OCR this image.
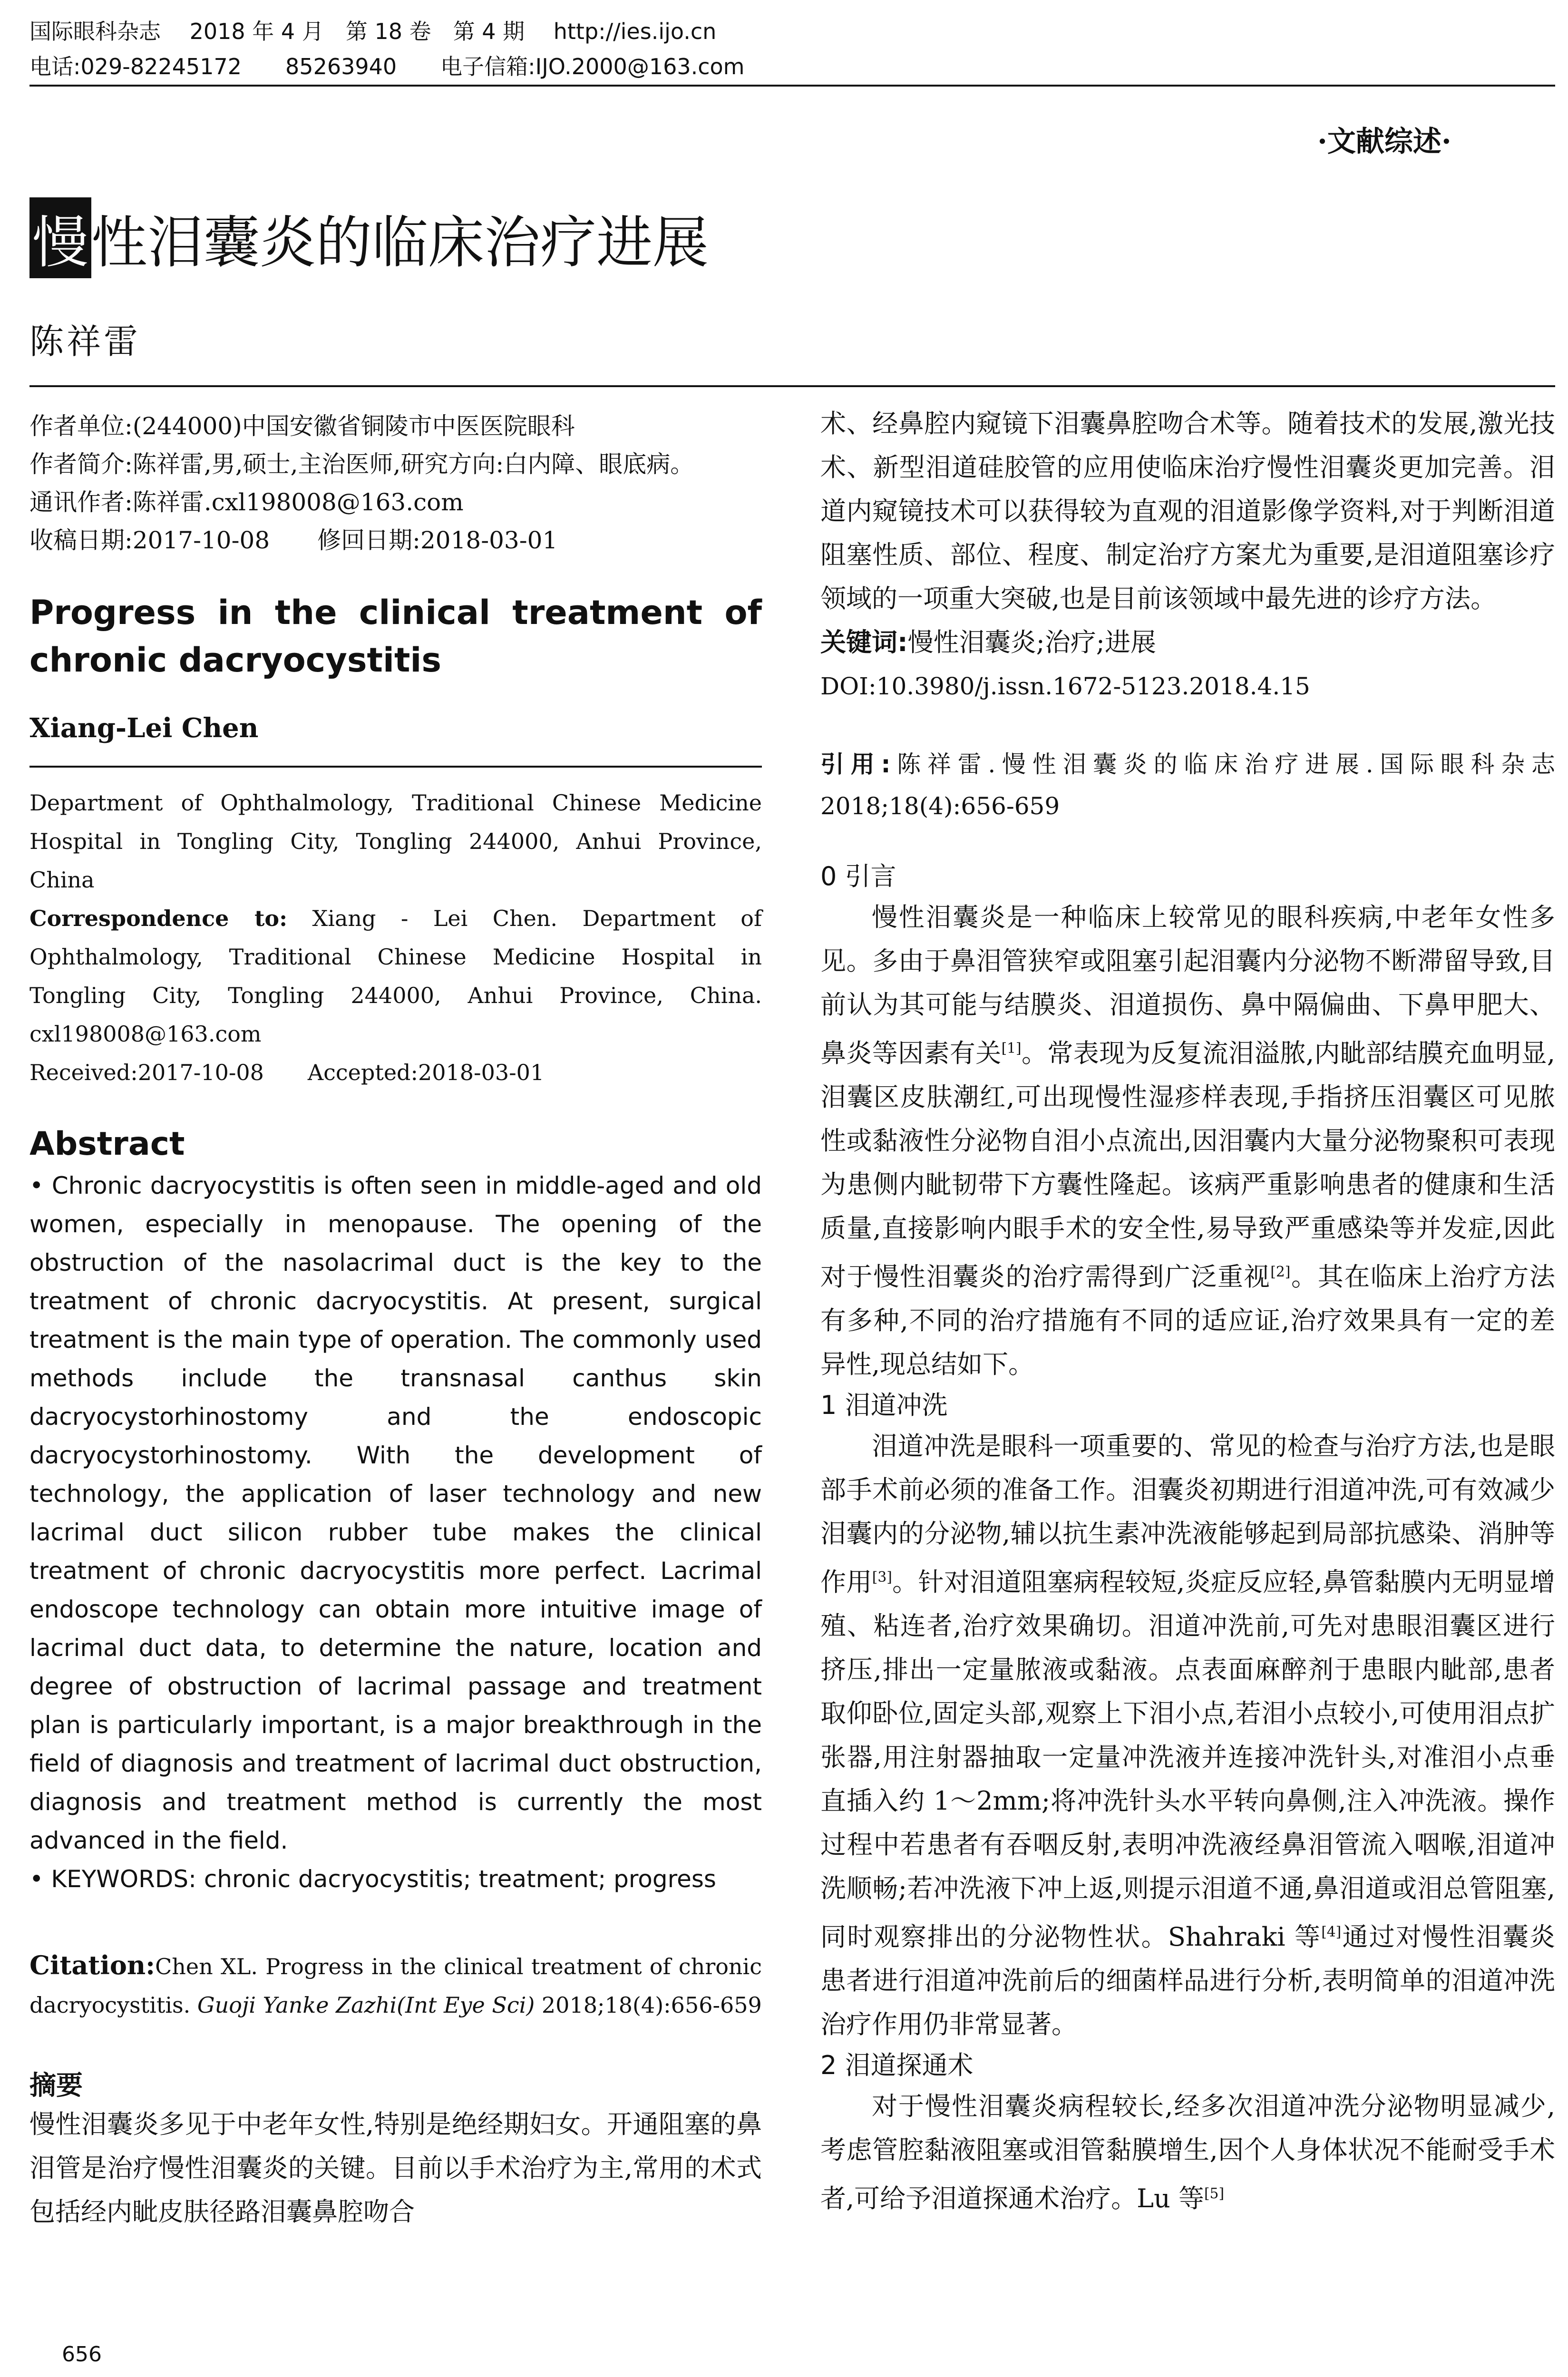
国际眼科杂志　 2018 年 4 月　第 18 卷　第 4 期　 http://ies.ijo.cn
电话:029-82245172　　85263940　　电子信箱:IJO.2000@163.com
·文献综述·
慢性泪囊炎的临床治疗进展
陈祥雷

作者单位:(244000)中国安徽省铜陵市中医医院眼科

作者简介:陈祥雷,男,硕士,主治医师,研究方向:白内障、眼底病。

通讯作者:陈祥雷.cxl198008@163.com

收稿日期:2017-10-08　　修回日期:2018-03-01

Progress in the clinical treatment of chronic dacryocystitis
Xiang-Lei Chen

Department of Ophthalmology, Traditional Chinese Medicine Hospital in Tongling City, Tongling 244000, Anhui Province, China

Correspondence to: Xiang - Lei Chen. Department of Ophthalmology, Traditional Chinese Medicine Hospital in Tongling City, Tongling 244000, Anhui Province, China. cxl198008@163.com

Received:2017-10-08　　Accepted:2018-03-01

Abstract

• Chronic dacryocystitis is often seen in middle-aged and old women, especially in menopause. The opening of the obstruction of the nasolacrimal duct is the key to the treatment of chronic dacryocystitis. At present, surgical treatment is the main type of operation. The commonly used methods include the transnasal canthus skin dacryocystorhinostomy and the endoscopic dacryocystorhinostomy. With the development of technology, the application of laser technology and new lacrimal duct silicon rubber tube makes the clinical treatment of chronic dacryocystitis more perfect. Lacrimal endoscope technology can obtain more intuitive image of lacrimal duct data, to determine the nature, location and degree of obstruction of lacrimal passage and treatment plan is particularly important, is a major breakthrough in the field of diagnosis and treatment of lacrimal duct obstruction, diagnosis and treatment method is currently the most advanced in the field.

• KEYWORDS: chronic dacryocystitis; treatment; progress

Citation:Chen XL. Progress in the clinical treatment of chronic dacryocystitis. Guoji Yanke Zazhi(Int Eye Sci) 2018;18(4):656-659
摘要
慢性泪囊炎多见于中老年女性,特别是绝经期妇女。开通阻塞的鼻泪管是治疗慢性泪囊炎的关键。目前以手术治疗为主,常用的术式包括经内眦皮肤径路泪囊鼻腔吻合
术、经鼻腔内窥镜下泪囊鼻腔吻合术等。随着技术的发展,激光技术、新型泪道硅胶管的应用使临床治疗慢性泪囊炎更加完善。泪道内窥镜技术可以获得较为直观的泪道影像学资料,对于判断泪道阻塞性质、部位、程度、制定治疗方案尤为重要,是泪道阻塞诊疗领域的一项重大突破,也是目前该领域中最先进的诊疗方法。
关键词:慢性泪囊炎;治疗;进展
DOI:10.3980/j.issn.1672-5123.2018.4.15
引用:陈祥雷.慢性泪囊炎的临床治疗进展.国际眼科杂志 2018;18(4):656-659
0 引言

慢性泪囊炎是一种临床上较常见的眼科疾病,中老年女性多见。多由于鼻泪管狭窄或阻塞引起泪囊内分泌物不断滞留导致,目前认为其可能与结膜炎、泪道损伤、鼻中隔偏曲、下鼻甲肥大、鼻炎等因素有关[1]。常表现为反复流泪溢脓,内眦部结膜充血明显,泪囊区皮肤潮红,可出现慢性湿疹样表现,手指挤压泪囊区可见脓性或黏液性分泌物自泪小点流出,因泪囊内大量分泌物聚积可表现为患侧内眦韧带下方囊性隆起。该病严重影响患者的健康和生活质量,直接影响内眼手术的安全性,易导致严重感染等并发症,因此对于慢性泪囊炎的治疗需得到广泛重视[2]。其在临床上治疗方法有多种,不同的治疗措施有不同的适应证,治疗效果具有一定的差异性,现总结如下。

1 泪道冲洗

泪道冲洗是眼科一项重要的、常见的检查与治疗方法,也是眼部手术前必须的准备工作。泪囊炎初期进行泪道冲洗,可有效减少泪囊内的分泌物,辅以抗生素冲洗液能够起到局部抗感染、消肿等作用[3]。针对泪道阻塞病程较短,炎症反应轻,鼻管黏膜内无明显增殖、粘连者,治疗效果确切。泪道冲洗前,可先对患眼泪囊区进行挤压,排出一定量脓液或黏液。点表面麻醉剂于患眼内眦部,患者取仰卧位,固定头部,观察上下泪小点,若泪小点较小,可使用泪点扩张器,用注射器抽取一定量冲洗液并连接冲洗针头,对准泪小点垂直插入约 1～2mm;将冲洗针头水平转向鼻侧,注入冲洗液。操作过程中若患者有吞咽反射,表明冲洗液经鼻泪管流入咽喉,泪道冲洗顺畅;若冲洗液下冲上返,则提示泪道不通,鼻泪道或泪总管阻塞,同时观察排出的分泌物性状。Shahraki 等[4]通过对慢性泪囊炎患者进行泪道冲洗前后的细菌样品进行分析,表明简单的泪道冲洗治疗作用仍非常显著。

2 泪道探通术

对于慢性泪囊炎病程较长,经多次泪道冲洗分泌物明显减少,考虑管腔黏液阻塞或泪管黏膜增生,因个人身体状况不能耐受手术者,可给予泪道探通术治疗。Lu 等[5]

656
